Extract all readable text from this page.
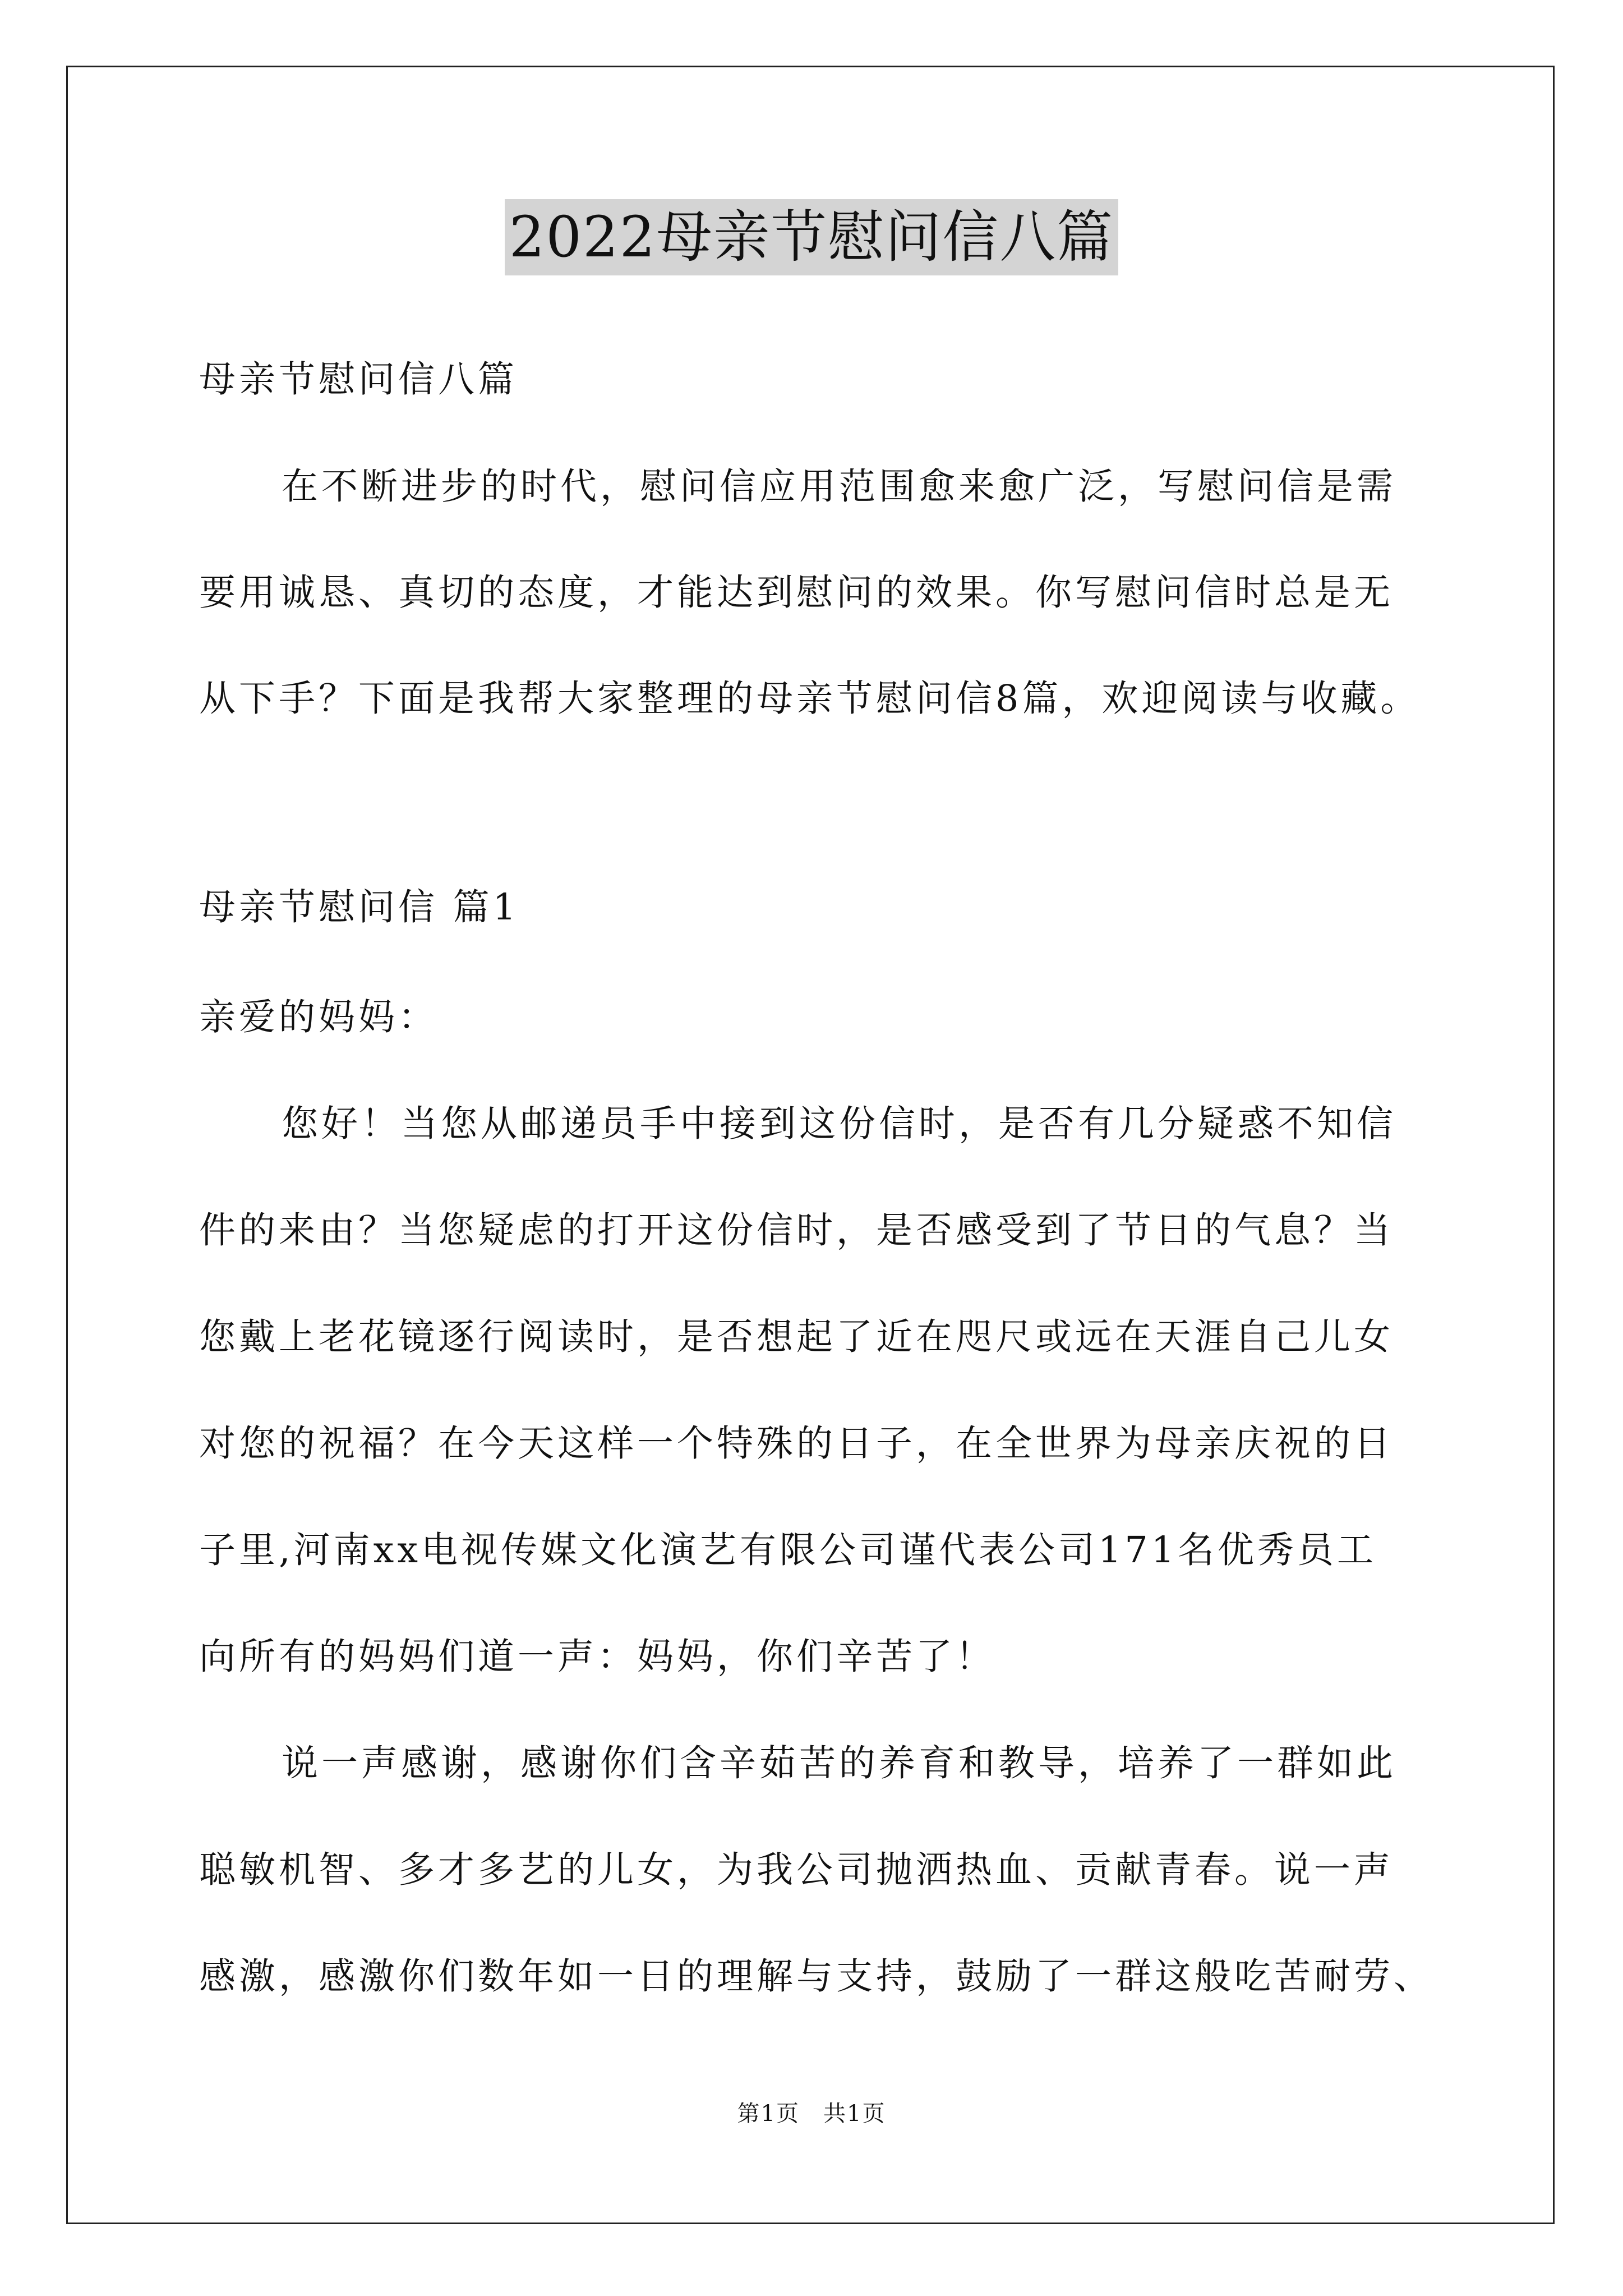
2022母亲节慰问信八篇
母亲节慰问信八篇
在不断进步的时代，慰问信应用范围愈来愈广泛，写慰问信是需
要用诚恳、真切的态度，才能达到慰问的效果。你写慰问信时总是无
从下手？下面是我帮大家整理的母亲节慰问信8篇，欢迎阅读与收藏。
母亲节慰问信 篇1
亲爱的妈妈：
您好！当您从邮递员手中接到这份信时，是否有几分疑惑不知信
件的来由？当您疑虑的打开这份信时，是否感受到了节日的气息？当
您戴上老花镜逐行阅读时，是否想起了近在咫尺或远在天涯自己儿女
对您的祝福？在今天这样一个特殊的日子，在全世界为母亲庆祝的日
子里,河南xx电视传媒文化演艺有限公司谨代表公司171名优秀员工
向所有的妈妈们道一声：妈妈，你们辛苦了！
说一声感谢，感谢你们含辛茹苦的养育和教导，培养了一群如此
聪敏机智、多才多艺的儿女，为我公司抛洒热血、贡献青春。说一声
感激，感激你们数年如一日的理解与支持，鼓励了一群这般吃苦耐劳、
第1页　共1页
